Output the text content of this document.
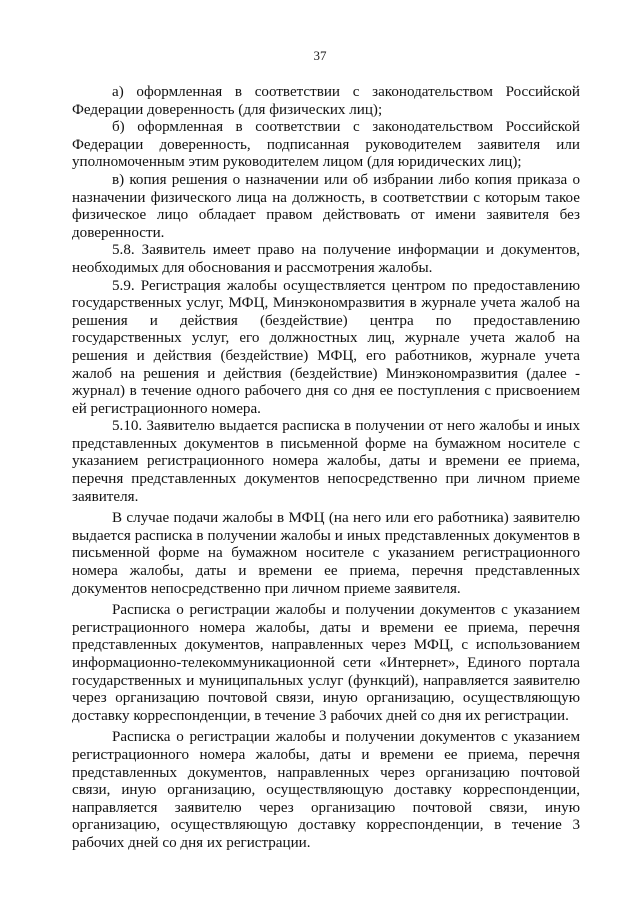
37

а) оформленная в соответствии с законодательством Российской Федерации доверенность (для физических лиц);

б) оформленная в соответствии с законодательством Российской Федерации доверенность, подписанная руководителем заявителя или уполномоченным этим руководителем лицом (для юридических лиц);

в) копия решения о назначении или об избрании либо копия приказа о назначении физического лица на должность, в соответствии с которым такое физическое лицо обладает правом действовать от имени заявителя без доверенности.

5.8. Заявитель имеет право на получение информации и документов, необходимых для обоснования и рассмотрения жалобы.

5.9. Регистрация жалобы осуществляется центром по предоставлению государственных услуг, МФЦ, Минэкономразвития в журнале учета жалоб на решения и действия (бездействие) центра по предоставлению государственных услуг, его должностных лиц, журнале учета жалоб на решения и действия (бездействие) МФЦ, его работников, журнале учета жалоб на решения и действия (бездействие) Минэкономразвития (далее - журнал) в течение одного рабочего дня со дня ее поступления с присвоением ей регистрационного номера.

5.10. Заявителю выдается расписка в получении от него жалобы и иных представленных документов в письменной форме на бумажном носителе с указанием регистрационного номера жалобы, даты и времени ее приема, перечня представленных документов непосредственно при личном приеме заявителя.

В случае подачи жалобы в МФЦ (на него или его работника) заявителю выдается расписка в получении жалобы и иных представленных документов в письменной форме на бумажном носителе с указанием регистрационного номера жалобы, даты и времени ее приема, перечня представленных документов непосредственно при личном приеме заявителя.

Расписка о регистрации жалобы и получении документов с указанием регистрационного номера жалобы, даты и времени ее приема, перечня представленных документов, направленных через МФЦ, с использованием информационно-телекоммуникационной сети «Интернет», Единого портала государственных и муниципальных услуг (функций), направляется заявителю через организацию почтовой связи, иную организацию, осуществляющую доставку корреспонденции, в течение 3 рабочих дней со дня их регистрации.

Расписка о регистрации жалобы и получении документов с указанием регистрационного номера жалобы, даты и времени ее приема, перечня представленных документов, направленных через организацию почтовой связи, иную организацию, осуществляющую доставку корреспонденции, направляется заявителю через организацию почтовой связи, иную организацию, осуществляющую доставку корреспонденции, в течение 3 рабочих дней со дня их регистрации.
